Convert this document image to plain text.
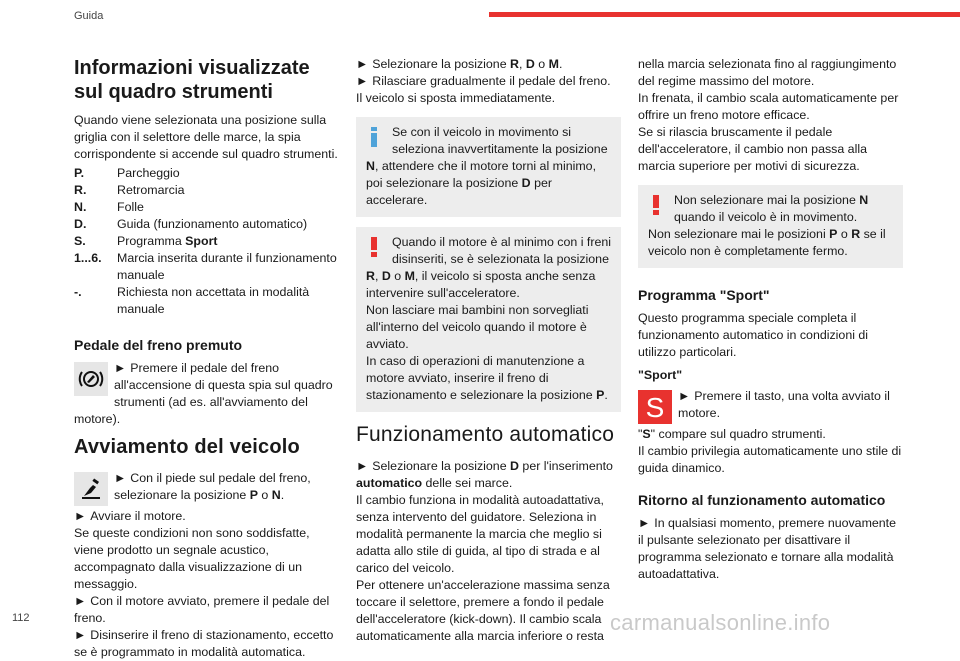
Guida
Informazioni visualizzate sul quadro strumenti

Quando viene selezionata una posizione sulla griglia con il selettore delle marce, la spia corrispondente si accende sul quadro strumenti.

P.	Parcheggio
R.	Retromarcia
N.	Folle
D.	Guida (funzionamento automatico)
S.	Programma Sport
1...6.	Marcia inserita durante il funzionamento manuale
-.	Richiesta non accettata in modalità manuale
Pedale del freno premuto
► Premere il pedale del freno all'accensione di questa spia sul quadro strumenti (ad es. all'avviamento del motore).
Avviamento del veicolo
► Con il piede sul pedale del freno, selezionare la posizione P o N.

► Avviare il motore.

Se queste condizioni non sono soddisfatte, viene prodotto un segnale acustico, accompagnato dalla visualizzazione di un messaggio.

► Con il motore avviato, premere il pedale del freno.

► Disinserire il freno di stazionamento, eccetto se è programmato in modalità automatica.

► Selezionare la posizione R, D o M.

► Rilasciare gradualmente il pedale del freno.

Il veicolo si sposta immediatamente.

Se con il veicolo in movimento si seleziona inavvertitamente la posizione N, attendere che il motore torni al minimo, poi selezionare la posizione D per accelerare.
Quando il motore è al minimo con i freni disinseriti, se è selezionata la posizione R, D o M, il veicolo si sposta anche senza intervenire sull'acceleratore.

Non lasciare mai bambini non sorvegliati all'interno del veicolo quando il motore è avviato.

In caso di operazioni di manutenzione a motore avviato, inserire il freno di stazionamento e selezionare la posizione P.

Funzionamento automatico

► Selezionare la posizione D per l'inserimento automatico delle sei marce.

Il cambio funziona in modalità autoadattativa, senza intervento del guidatore. Seleziona in modalità permanente la marcia che meglio si adatta allo stile di guida, al tipo di strada e al carico del veicolo.

Per ottenere un'accelerazione massima senza toccare il selettore, premere a fondo il pedale dell'acceleratore (kick-down). Il cambio scala automaticamente alla marcia inferiore o resta

nella marcia selezionata fino al raggiungimento del regime massimo del motore.

In frenata, il cambio scala automaticamente per offrire un freno motore efficace.

Se si rilascia bruscamente il pedale dell'acceleratore, il cambio non passa alla marcia superiore per motivi di sicurezza.

Non selezionare mai la posizione N quando il veicolo è in movimento.

Non selezionare mai le posizioni P o R se il veicolo non è completamente fermo.

Programma "Sport"

Questo programma speciale completa il funzionamento automatico in condizioni di utilizzo particolari.

"Sport"
S ► Premere il tasto, una volta avviato il motore.

"S" compare sul quadro strumenti.

Il cambio privilegia automaticamente uno stile di guida dinamico.

Ritorno al funzionamento automatico

► In qualsiasi momento, premere nuovamente il pulsante selezionato per disattivare il programma selezionato e tornare alla modalità autoadattativa.

112	carmanualsonline.info
